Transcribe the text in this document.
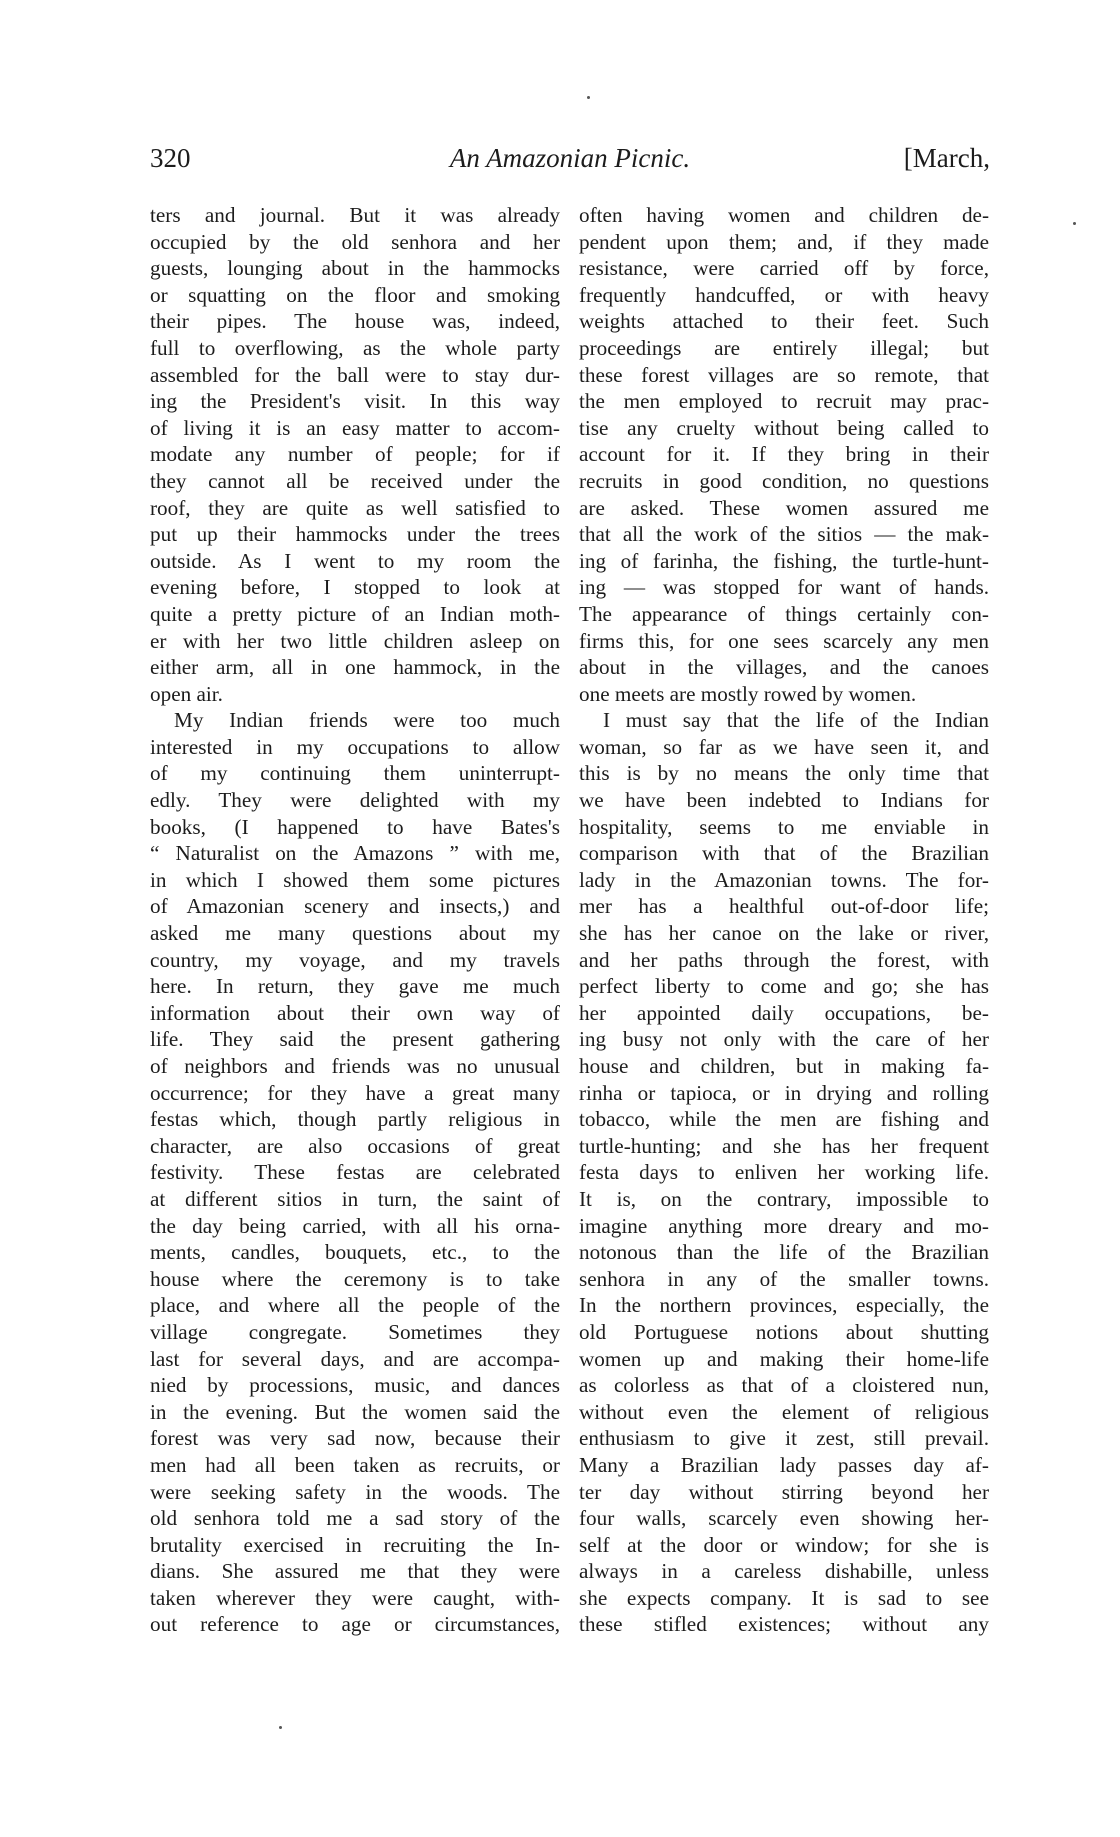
320	An Amazonian Picnic.	[March,
ters and journal. But it was already
occupied by the old senhora and her
guests, lounging about in the hammocks
or squatting on the floor and smoking
their pipes. The house was, indeed,
full to overflowing, as the whole party
assembled for the ball were to stay dur-
ing the President's visit. In this way
of living it is an easy matter to accom-
modate any number of people; for if
they cannot all be received under the
roof, they are quite as well satisfied to
put up their hammocks under the trees
outside. As I went to my room the
evening before, I stopped to look at
quite a pretty picture of an Indian moth-
er with her two little children asleep on
either arm, all in one hammock, in the
open air.
My Indian friends were too much
interested in my occupations to allow
of my continuing them uninterrupt-
edly. They were delighted with my
books, (I happened to have Bates's
“ Naturalist on the Amazons ” with me,
in which I showed them some pictures
of Amazonian scenery and insects,) and
asked me many questions about my
country, my voyage, and my travels
here. In return, they gave me much
information about their own way of
life. They said the present gathering
of neighbors and friends was no unusual
occurrence; for they have a great many
festas which, though partly religious in
character, are also occasions of great
festivity. These festas are celebrated
at different sitios in turn, the saint of
the day being carried, with all his orna-
ments, candles, bouquets, etc., to the
house where the ceremony is to take
place, and where all the people of the
village congregate. Sometimes they
last for several days, and are accompa-
nied by processions, music, and dances
in the evening. But the women said the
forest was very sad now, because their
men had all been taken as recruits, or
were seeking safety in the woods. The
old senhora told me a sad story of the
brutality exercised in recruiting the In-
dians. She assured me that they were
taken wherever they were caught, with-
out reference to age or circumstances,
often having women and children de-
pendent upon them; and, if they made
resistance, were carried off by force,
frequently handcuffed, or with heavy
weights attached to their feet. Such
proceedings are entirely illegal; but
these forest villages are so remote, that
the men employed to recruit may prac-
tise any cruelty without being called to
account for it. If they bring in their
recruits in good condition, no questions
are asked. These women assured me
that all the work of the sitios — the mak-
ing of farinha, the fishing, the turtle-hunt-
ing — was stopped for want of hands.
The appearance of things certainly con-
firms this, for one sees scarcely any men
about in the villages, and the canoes
one meets are mostly rowed by women.
I must say that the life of the Indian
woman, so far as we have seen it, and
this is by no means the only time that
we have been indebted to Indians for
hospitality, seems to me enviable in
comparison with that of the Brazilian
lady in the Amazonian towns. The for-
mer has a healthful out-of-door life;
she has her canoe on the lake or river,
and her paths through the forest, with
perfect liberty to come and go; she has
her appointed daily occupations, be-
ing busy not only with the care of her
house and children, but in making fa-
rinha or tapioca, or in drying and rolling
tobacco, while the men are fishing and
turtle-hunting; and she has her frequent
festa days to enliven her working life.
It is, on the contrary, impossible to
imagine anything more dreary and mo-
notonous than the life of the Brazilian
senhora in any of the smaller towns.
In the northern provinces, especially, the
old Portuguese notions about shutting
women up and making their home-life
as colorless as that of a cloistered nun,
without even the element of religious
enthusiasm to give it zest, still prevail.
Many a Brazilian lady passes day af-
ter day without stirring beyond her
four walls, scarcely even showing her-
self at the door or window; for she is
always in a careless dishabille, unless
she expects company. It is sad to see
these stifled existences; without any
